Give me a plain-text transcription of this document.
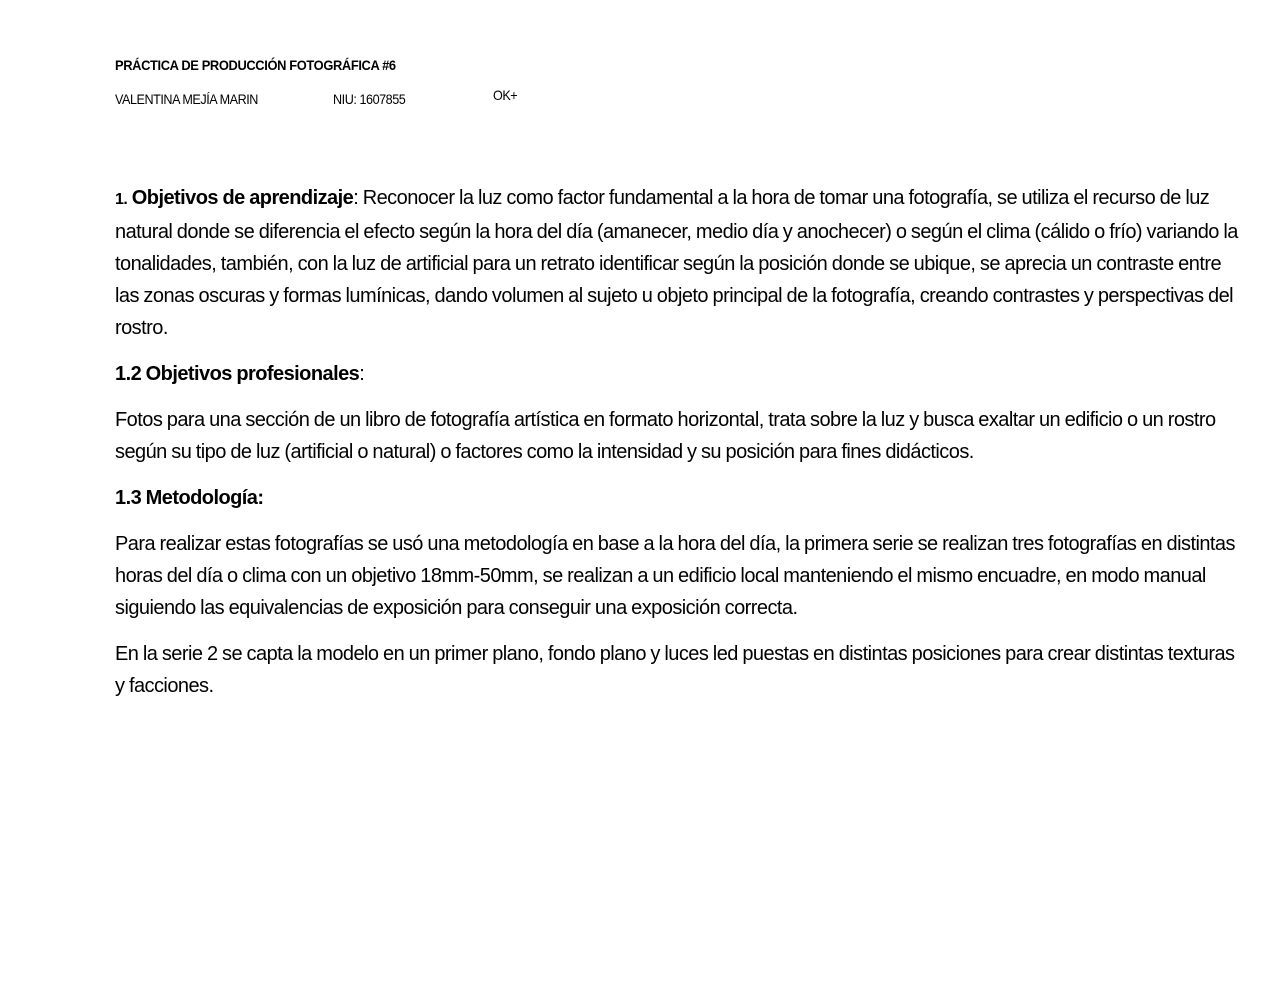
PRÁCTICA DE PRODUCCIÓN FOTOGRÁFICA #6
VALENTINA MEJÍA MARIN	NIU: 1607855	OK+

1. Objetivos de aprendizaje: Reconocer la luz como factor fundamental a la hora de tomar una fotografía, se utiliza el recurso de luz natural donde se diferencia el efecto según la hora del día (amanecer, medio día y anochecer) o según el clima (cálido o frío) variando la tonalidades, también, con la luz de artificial para un retrato identificar según la posición donde se ubique, se aprecia un contraste entre las zonas oscuras y formas lumínicas, dando volumen al sujeto u objeto principal de la fotografía, creando contrastes y perspectivas del rostro.

1.2 Objetivos profesionales:

Fotos para una sección de un libro de fotografía artística en formato horizontal, trata sobre la luz y busca exaltar un edificio o un rostro según su tipo de luz (artificial o natural) o factores como la intensidad y su posición para fines didácticos.

1.3 Metodología:

Para realizar estas fotografías se usó una metodología en base a la hora del día, la primera serie se realizan tres fotografías en distintas horas del día o clima con un objetivo 18mm-50mm, se realizan a un edificio local manteniendo el mismo encuadre, en modo manual siguiendo las equivalencias de exposición para conseguir una exposición correcta.

En la serie 2 se capta la modelo en un primer plano, fondo plano y luces led puestas en distintas posiciones para crear distintas texturas y facciones.
